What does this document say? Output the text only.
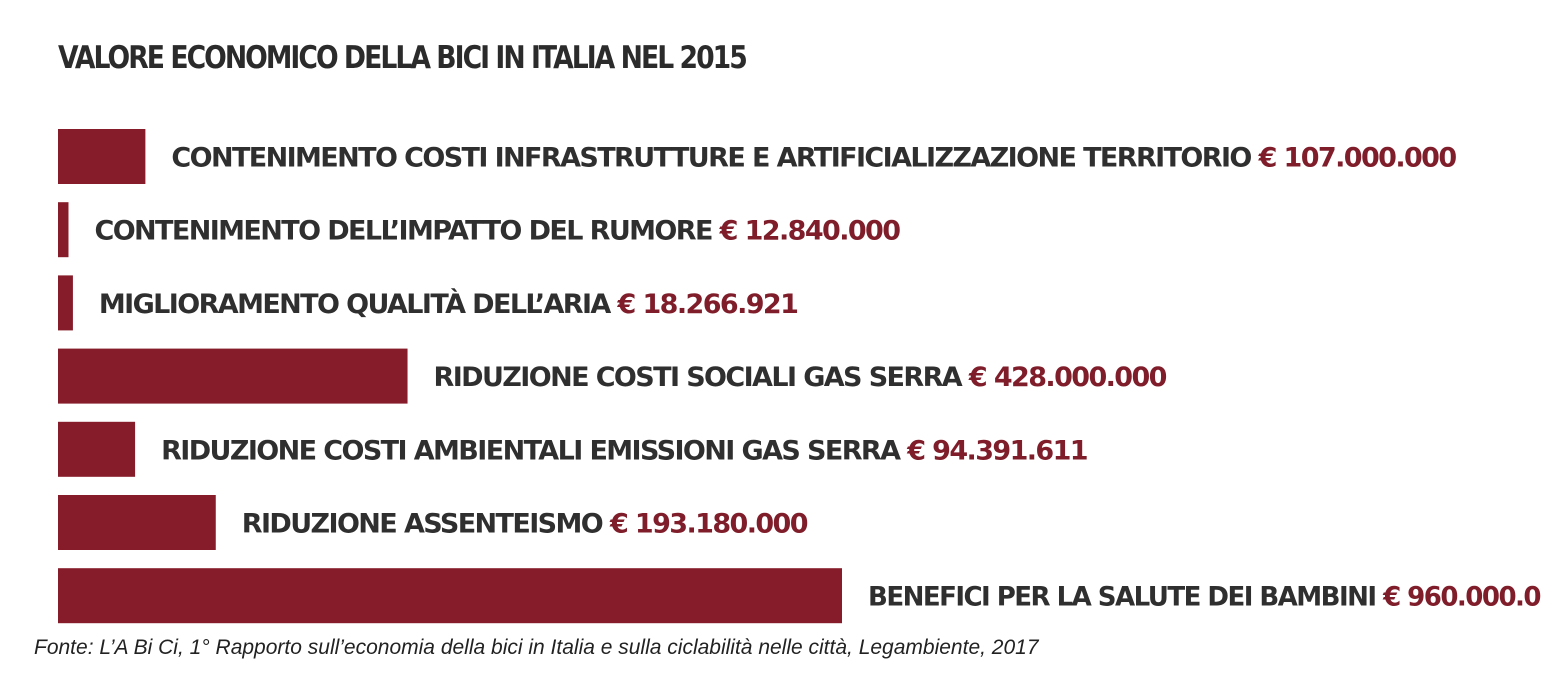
VALORE ECONOMICO DELLA BICI IN ITALIA NEL 2015
CONTENIMENTO COSTI INFRASTRUTTURE E ARTIFICIALIZZAZIONE TERRITORIO € 107.000.000
CONTENIMENTO DELL’IMPATTO DEL RUMORE € 12.840.000
MIGLIORAMENTO QUALITÀ DELL’ARIA € 18.266.921
RIDUZIONE COSTI SOCIALI GAS SERRA € 428.000.000
RIDUZIONE COSTI AMBIENTALI EMISSIONI GAS SERRA € 94.391.611
RIDUZIONE ASSENTEISMO € 193.180.000
BENEFICI PER LA SALUTE DEI BAMBINI € 960.000.0

Fonte: L’A Bi Ci, 1° Rapporto sull’economia della bici in Italia e sulla ciclabilità nelle città, Legambiente, 2017
